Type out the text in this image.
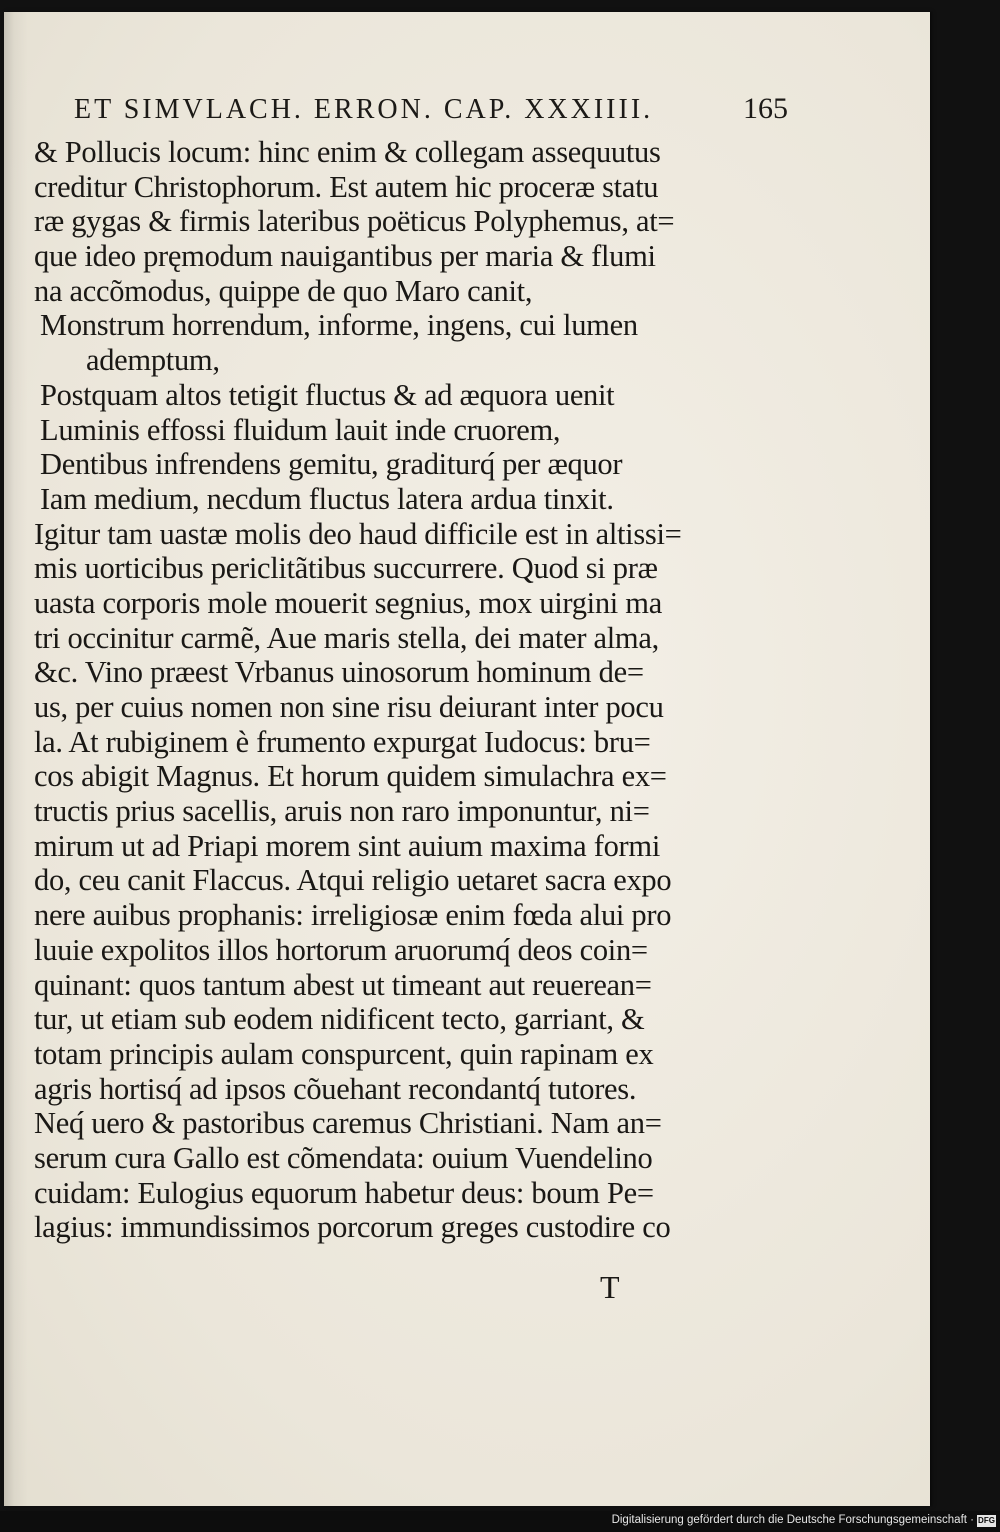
ET SIMVLACH. ERRON. CAP. XXXIIII.	165
& Pollucis locum: hinc enim & collegam assequutus
creditur Christophorum. Est autem hic proceræ statu
ræ gygas & firmis lateribus poëticus Polyphemus, at=
que ideo pręmodum nauigantibus per maria & flumi
na accõmodus, quippe de quo Maro canit,
Monstrum horrendum, informe, ingens, cui lumen
ademptum,
Postquam altos tetigit fluctus & ad æquora uenit
Luminis effossi fluidum lauit inde cruorem,
Dentibus infrendens gemitu, graditurq́ per æquor
Iam medium, necdum fluctus latera ardua tinxit.
Igitur tam uastæ molis deo haud difficile est in altissi=
mis uorticibus periclitãtibus succurrere. Quod si præ
uasta corporis mole mouerit segnius, mox uirgini ma
tri occinitur carmẽ, Aue maris stella, dei mater alma,
&c. Vino præest Vrbanus uinosorum hominum de=
us, per cuius nomen non sine risu deiurant inter pocu
la. At rubiginem è frumento expurgat Iudocus: bru=
cos abigit Magnus. Et horum quidem simulachra ex=
tructis prius sacellis, aruis non raro imponuntur, ni=
mirum ut ad Priapi morem sint auium maxima formi
do, ceu canit Flaccus. Atqui religio uetaret sacra expo
nere auibus prophanis: irreligiosæ enim fœda alui pro
luuie expolitos illos hortorum aruorumq́ deos coin=
quinant: quos tantum abest ut timeant aut reuerean=
tur, ut etiam sub eodem nidificent tecto, garriant, &
totam principis aulam conspurcent, quin rapinam ex
agris hortisq́ ad ipsos cõuehant recondantq́ tutores.
Neq́ uero & pastoribus caremus Christiani. Nam an=
serum cura Gallo est cõmendata: ouium Vuendelino
cuidam: Eulogius equorum habetur deus: boum Pe=
lagius: immundissimos porcorum greges custodire co
T
Digitalisierung gefördert durch die Deutsche Forschungsgemeinschaft · DFG
